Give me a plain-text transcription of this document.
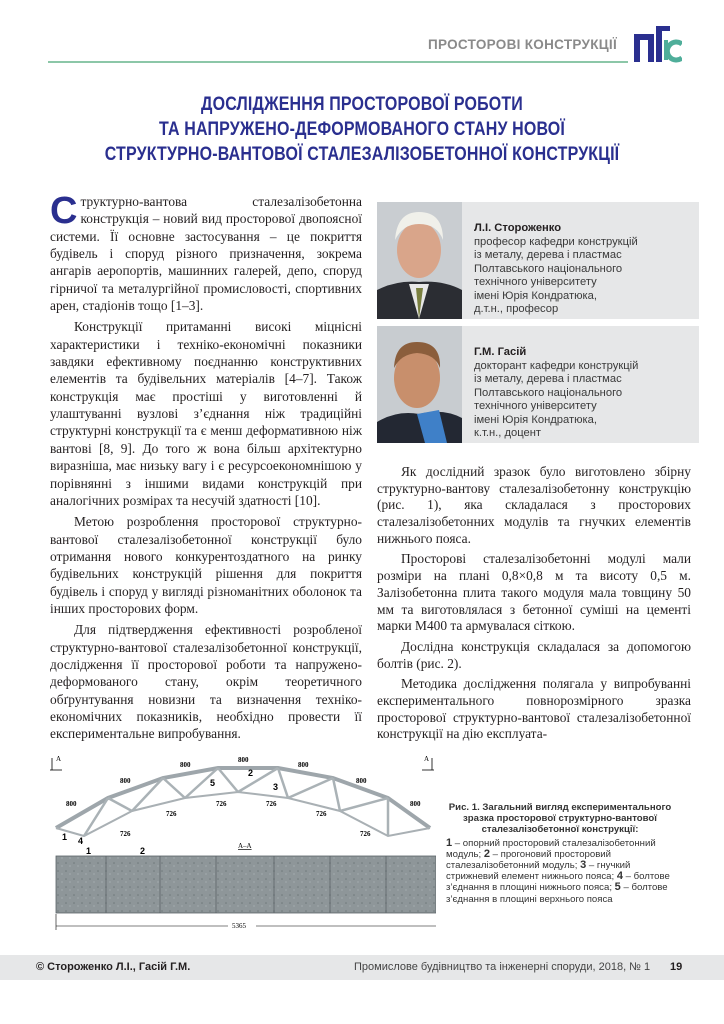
ПРОСТОРОВІ КОНСТРУКЦІЇ
ДОСЛІДЖЕННЯ ПРОСТОРОВОЇ РОБОТИ
ТА НАПРУЖЕНО-ДЕФОРМОВАНОГО СТАНУ НОВОЇ
СТРУКТУРНО-ВАНТОВОЇ СТАЛЕЗАЛІЗОБЕТОННОЇ КОНСТРУКЦІЇ

Структурно-вантова сталезалізобетонна конструкція – новий вид просторової двопоясної системи. Її основне застосування – це покриття будівель і споруд різного призначення, зокрема ангарів аеропортів, машинних галерей, депо, споруд гірничої та металургійної промисловості, спортивних арен, стадіонів тощо [1–3].

Конструкції притаманні високі міцнісні характеристики і техніко-економічні показники завдяки ефективному поєднанню конструктивних елементів та будівельних матеріалів [4–7]. Також конструкція має простіші у виготовленні й улаштуванні вузлові з’єднання ніж традиційні структурні конструкції та є менш деформативною ніж вантові [8, 9]. До того ж вона більш архітектурно виразніша, має низьку вагу і є ресурсоекономнішою у порівнянні з іншими видами конструкцій при аналогічних розмірах та несучій здатності [10].

Метою розроблення просторової структурно-вантової сталезалізобетонної конструкції було отримання нового конкурентоздатного на ринку будівельних конструкцій рішення для покриття будівель і споруд у вигляді різноманітних оболонок та інших просторових форм.

Для підтвердження ефективності розробленої структурно-вантової сталезалізобетонної конструкції, дослідження її просторової роботи та напружено-деформованого стану, окрім теоретичного обґрунтування новизни та визначення техніко-економічних показників, необхідно провести її експериментальне випробування.

Л.І. Стороженко
професор кафедри конструкцій
із металу, дерева і пластмас
Полтавського національного
технічного університету
імені Юрія Кондратюка,
д.т.н., професор
Г.М. Гасій
докторант кафедри конструкцій
із металу, дерева і пластмас
Полтавського національного
технічного університету
імені Юрія Кондратюка,
к.т.н., доцент

Як дослідний зразок було виготовлено збірну структурно-вантову сталезалізобетонну конструкцію (рис. 1), яка складалася з просторових сталезалізобетонних модулів та гнучких елементів нижнього пояса.

Просторові сталезалізобетонні модулі мали розміри на плані 0,8×0,8 м та висоту 0,5 м. Залізобетонна плита такого модуля мала товщину 50 мм та виготовлялася з бетонної суміші на цементі марки М400 та армувалася сіткою.

Дослідна конструкція складалася за допомогою болтів (рис. 2).

Методика дослідження полягала у випробуванні експериментального повнорозмірного зразка просторової структурно-вантової сталезалізобетонної конструкції на дію експлуата-

А	А
800
800
800
800
800
800
800
726
726
726	726
726
726
1
2
3
4
5
А–А
1	2
5365
Рис. 1. Загальний вигляд експериментального зразка просторової структурно-вантової сталезалізобетонної конструкції:
1 – опорний просторовий сталезалізобетонний модуль; 2 – прогоновий просторовий сталезалізобетонний модуль; 3 – гнучкий стрижневий елемент нижнього пояса; 4 – болтове з’єднання в площині нижнього пояса; 5 – болтове з’єднання в площині верхнього пояса
© Стороженко Л.І., Гасій Г.М.	Промислове будівництво та інженерні споруди, 2018, № 1 19
